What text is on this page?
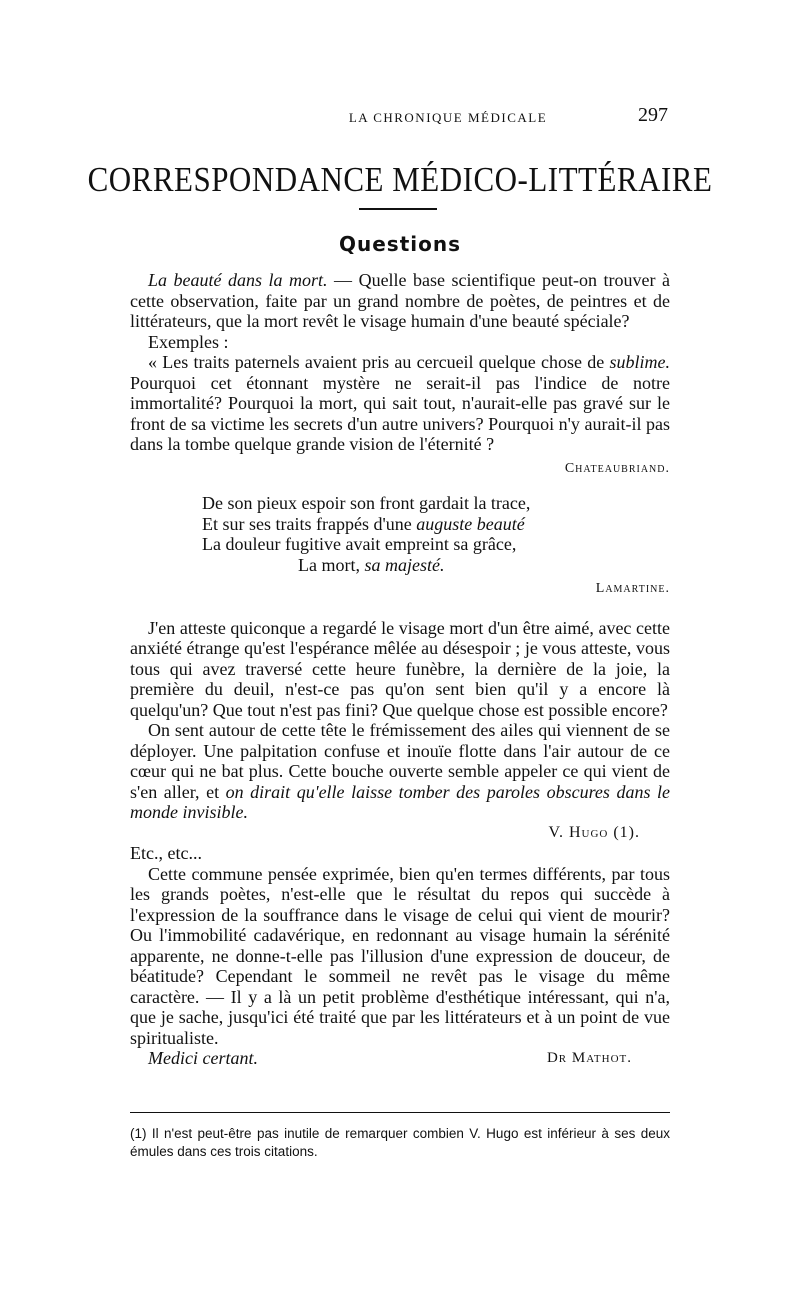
LA CHRONIQUE MÉDICALE	297
CORRESPONDANCE MÉDICO-LITTÉRAIRE
Questions

La beauté dans la mort. — Quelle base scientifique peut-on trouver à cette observation, faite par un grand nombre de poètes, de peintres et de littérateurs, que la mort revêt le visage humain d'une beauté spéciale?

Exemples :

« Les traits paternels avaient pris au cercueil quelque chose de sublime. Pourquoi cet étonnant mystère ne serait-il pas l'indice de notre immortalité? Pourquoi la mort, qui sait tout, n'aurait-elle pas gravé sur le front de sa victime les secrets d'un autre univers? Pourquoi n'y aurait-il pas dans la tombe quelque grande vision de l'éternité ?

Chateaubriand.

De son pieux espoir son front gardait la trace,
Et sur ses traits frappés d'une auguste beauté
La douleur fugitive avait empreint sa grâce,
La mort, sa majesté.

Lamartine.

J'en atteste quiconque a regardé le visage mort d'un être aimé, avec cette anxiété étrange qu'est l'espérance mêlée au désespoir ; je vous atteste, vous tous qui avez traversé cette heure funèbre, la dernière de la joie, la première du deuil, n'est-ce pas qu'on sent bien qu'il y a encore là quelqu'un? Que tout n'est pas fini? Que quelque chose est possible encore?

On sent autour de cette tête le frémissement des ailes qui viennent de se déployer. Une palpitation confuse et inouïe flotte dans l'air autour de ce cœur qui ne bat plus. Cette bouche ouverte semble appeler ce qui vient de s'en aller, et on dirait qu'elle laisse tomber des paroles obscures dans le monde invisible.

V. Hugo (1).

Etc., etc...

Cette commune pensée exprimée, bien qu'en termes différents, par tous les grands poètes, n'est-elle que le résultat du repos qui succède à l'expression de la souffrance dans le visage de celui qui vient de mourir? Ou l'immobilité cadavérique, en redonnant au visage humain la sérénité apparente, ne donne-t-elle pas l'illusion d'une expression de douceur, de béatitude? Cependant le sommeil ne revêt pas le visage du même caractère. — Il y a là un petit problème d'esthétique intéressant, qui n'a, que je sache, jusqu'ici été traité que par les littérateurs et à un point de vue spiritualiste.

Medici certant.	Dr Mathot.
(1) Il n'est peut-être pas inutile de remarquer combien V. Hugo est inférieur à ses deux émules dans ces trois citations.
